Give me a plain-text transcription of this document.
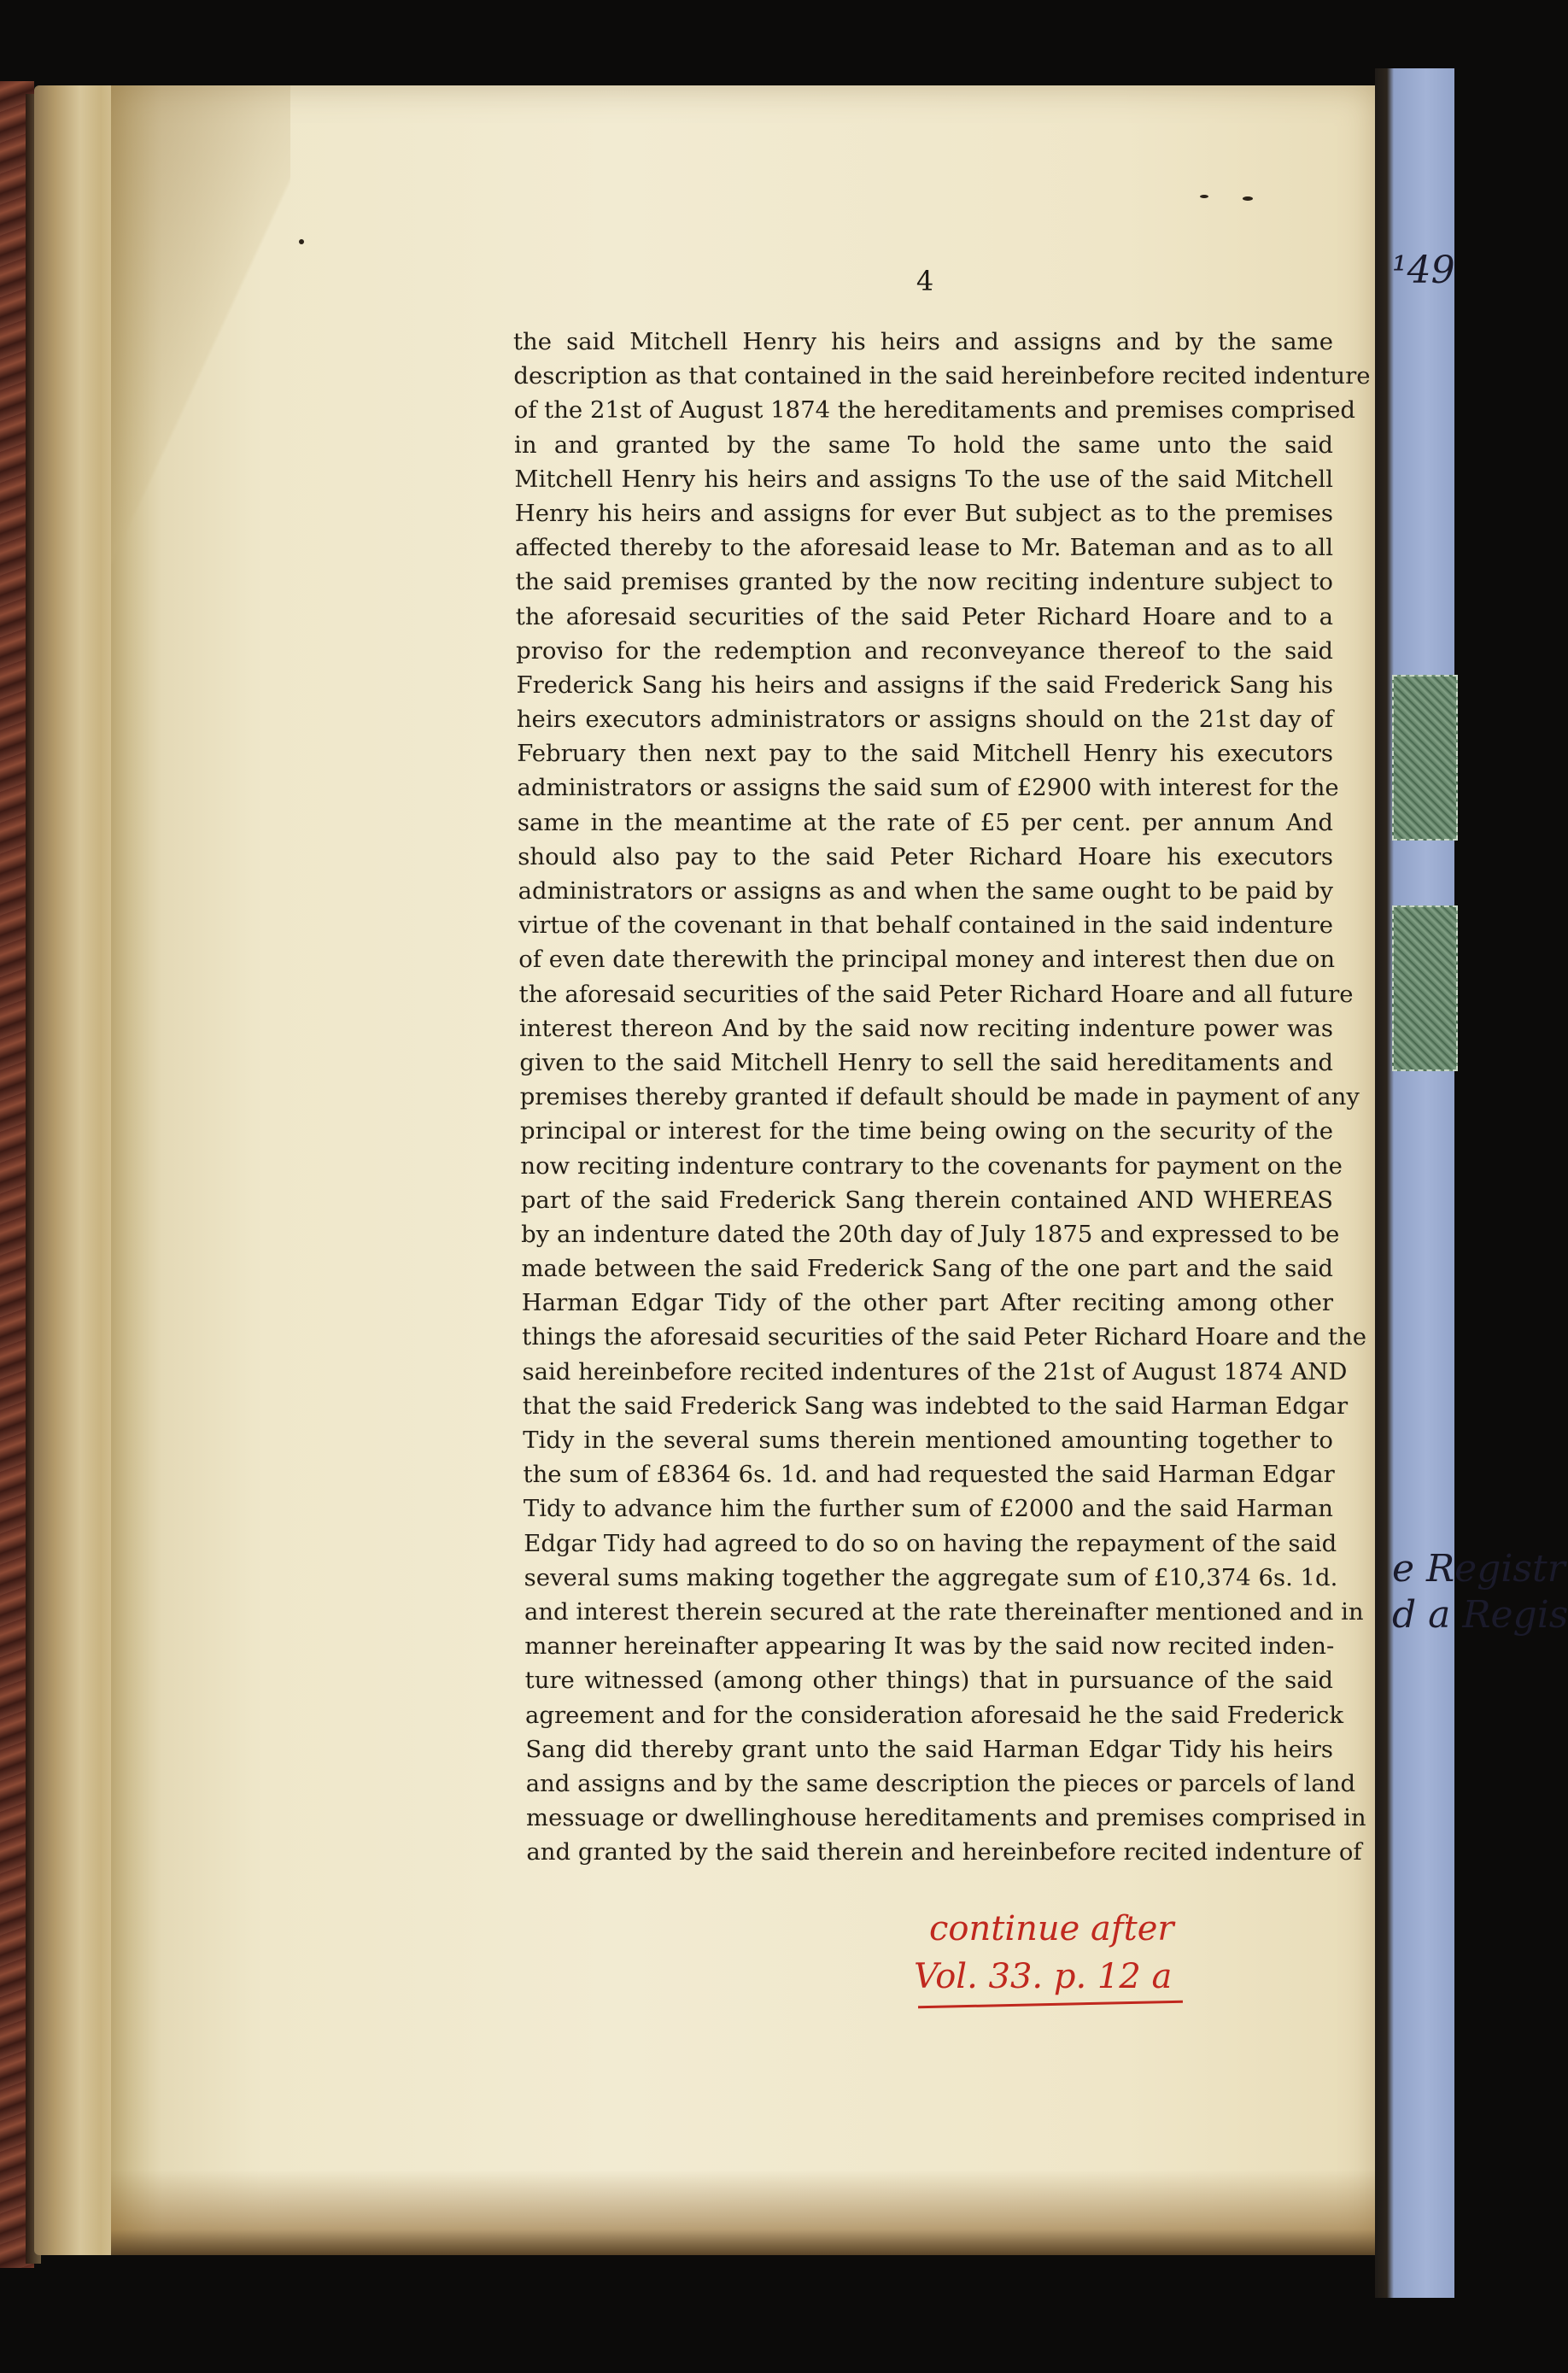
¹49
e Registr
d a Regis
4
the said Mitchell Henry his heirs and assigns and by the same
description as that contained in the said hereinbefore recited indenture
of the 21st of August 1874 the hereditaments and premises comprised
in and granted by the same To hold the same unto the said
Mitchell Henry his heirs and assigns To the use of the said Mitchell
Henry his heirs and assigns for ever But subject as to the premises
affected thereby to the aforesaid lease to Mr. Bateman and as to all
the said premises granted by the now reciting indenture subject to
the aforesaid securities of the said Peter Richard Hoare and to a
proviso for the redemption and reconveyance thereof to the said
Frederick Sang his heirs and assigns if the said Frederick Sang his
heirs executors administrators or assigns should on the 21st day of
February then next pay to the said Mitchell Henry his executors
administrators or assigns the said sum of £2900 with interest for the
same in the meantime at the rate of £5 per cent. per annum And
should also pay to the said Peter Richard Hoare his executors
administrators or assigns as and when the same ought to be paid by
virtue of the covenant in that behalf contained in the said indenture
of even date therewith the principal money and interest then due on
the aforesaid securities of the said Peter Richard Hoare and all future
interest thereon And by the said now reciting indenture power was
given to the said Mitchell Henry to sell the said hereditaments and
premises thereby granted if default should be made in payment of any
principal or interest for the time being owing on the security of the
now reciting indenture contrary to the covenants for payment on the
part of the said Frederick Sang therein contained AND WHEREAS
by an indenture dated the 20th day of July 1875 and expressed to be
made between the said Frederick Sang of the one part and the said
Harman Edgar Tidy of the other part After reciting among other
things the aforesaid securities of the said Peter Richard Hoare and the
said hereinbefore recited indentures of the 21st of August 1874 AND
that the said Frederick Sang was indebted to the said Harman Edgar
Tidy in the several sums therein mentioned amounting together to
the sum of £8364 6s. 1d. and had requested the said Harman Edgar
Tidy to advance him the further sum of £2000 and the said Harman
Edgar Tidy had agreed to do so on having the repayment of the said
several sums making together the aggregate sum of £10,374 6s. 1d.
and interest therein secured at the rate thereinafter mentioned and in
manner hereinafter appearing It was by the said now recited inden-
ture witnessed (among other things) that in pursuance of the said
agreement and for the consideration aforesaid he the said Frederick
Sang did thereby grant unto the said Harman Edgar Tidy his heirs
and assigns and by the same description the pieces or parcels of land
messuage or dwellinghouse hereditaments and premises comprised in
and granted by the said therein and hereinbefore recited indenture of
continue after
Vol. 33. p. 12 a
